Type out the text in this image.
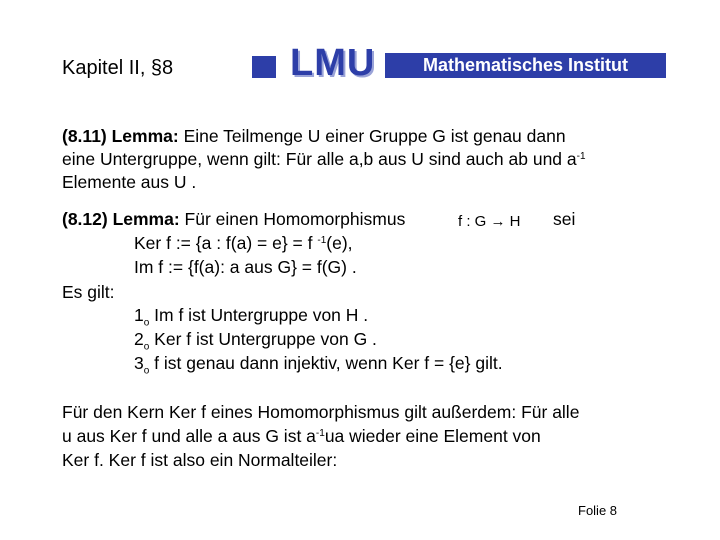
Kapitel II, §8	LMU	Mathematisches Institut
(8.11) Lemma: Eine Teilmenge U einer Gruppe G ist genau dann
eine Untergruppe, wenn gilt: Für alle a,b aus U sind auch ab und $a^{-1}$
Elemente aus U .
(8.12) Lemma: Für einen Homomorphismus	f : G → H sei
Ker f := {a : f(a) = e} = f $^{-1}$(e),
Im f := {f(a): a aus G} = f(G) .
Es gilt:
$1_o$ Im f ist Untergruppe von H .
$2_o$ Ker f ist Untergruppe von G .
$3_o$ f ist genau dann injektiv, wenn Ker f = {e} gilt.
Für den Kern Ker f eines Homomorphismus gilt außerdem: Für alle
u aus Ker f und alle a aus G ist $a^{-1}ua$ wieder eine Element von
Ker f. Ker f ist also ein Normalteiler:
Folie 8
